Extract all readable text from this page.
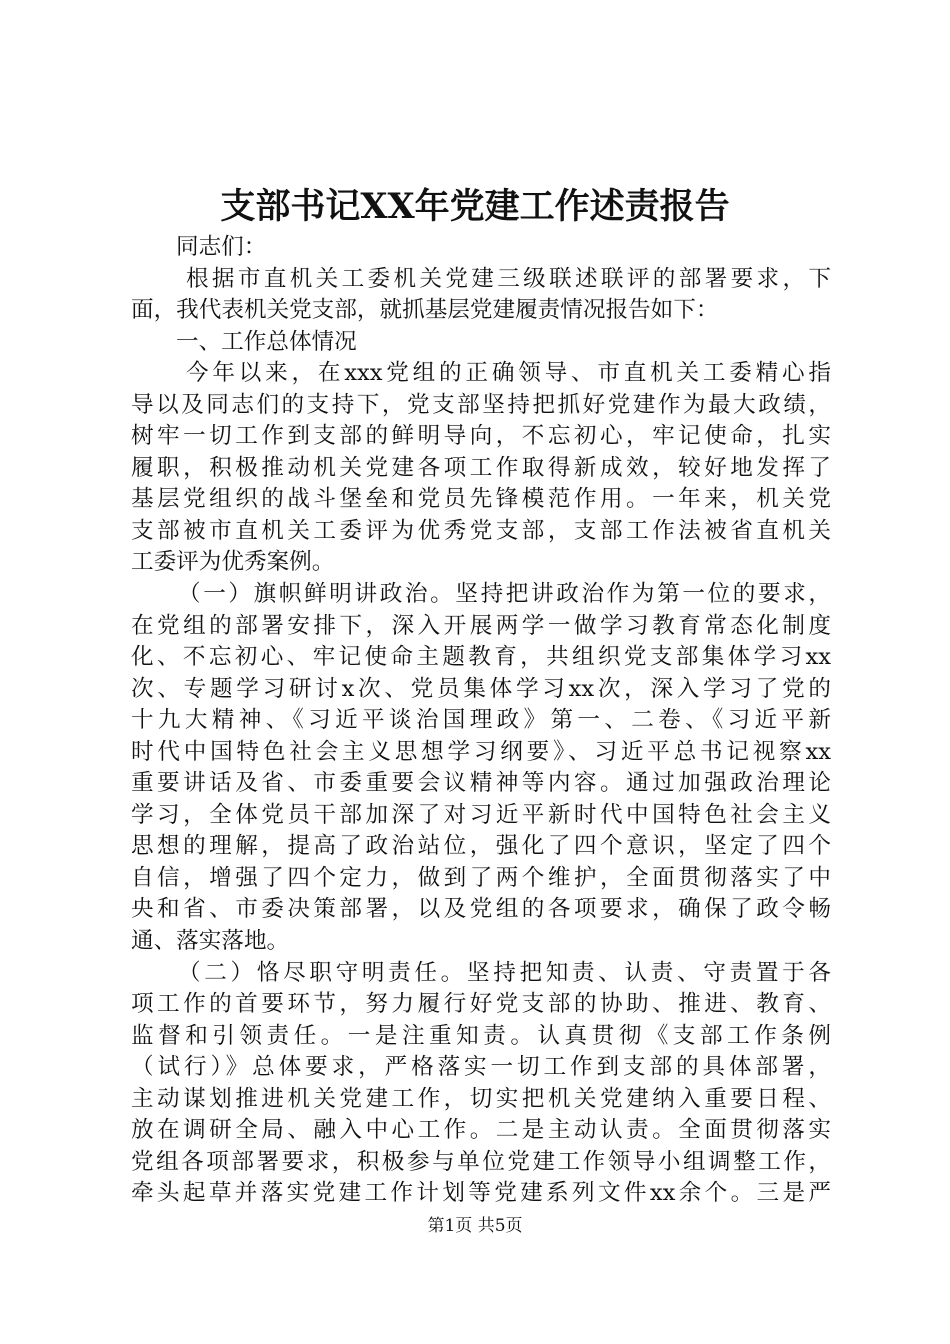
支部书记XX年党建工作述责报告
同志们：
根据市直机关工委机关党建三级联述联评的部署要求，下
面，我代表机关党支部，就抓基层党建履责情况报告如下：
一、工作总体情况
今年以来，在xxx党组的正确领导、市直机关工委精心指
导以及同志们的支持下，党支部坚持把抓好党建作为最大政绩，
树牢一切工作到支部的鲜明导向，不忘初心，牢记使命，扎实
履职，积极推动机关党建各项工作取得新成效，较好地发挥了
基层党组织的战斗堡垒和党员先锋模范作用。一年来，机关党
支部被市直机关工委评为优秀党支部，支部工作法被省直机关
工委评为优秀案例。
（一）旗帜鲜明讲政治。坚持把讲政治作为第一位的要求，
在党组的部署安排下，深入开展两学一做学习教育常态化制度
化、不忘初心、牢记使命主题教育，共组织党支部集体学习xx
次、专题学习研讨x次、党员集体学习xx次，深入学习了党的
十九大精神、《习近平谈治国理政》第一、二卷、《习近平新
时代中国特色社会主义思想学习纲要》、习近平总书记视察xx
重要讲话及省、市委重要会议精神等内容。通过加强政治理论
学习，全体党员干部加深了对习近平新时代中国特色社会主义
思想的理解，提高了政治站位，强化了四个意识，坚定了四个
自信，增强了四个定力，做到了两个维护，全面贯彻落实了中
央和省、市委决策部署，以及党组的各项要求，确保了政令畅
通、落实落地。
（二）恪尽职守明责任。坚持把知责、认责、守责置于各
项工作的首要环节，努力履行好党支部的协助、推进、教育、
监督和引领责任。一是注重知责。认真贯彻《支部工作条例
（试行）》总体要求，严格落实一切工作到支部的具体部署，
主动谋划推进机关党建工作，切实把机关党建纳入重要日程、
放在调研全局、融入中心工作。二是主动认责。全面贯彻落实
党组各项部署要求，积极参与单位党建工作领导小组调整工作，
牵头起草并落实党建工作计划等党建系列文件xx余个。三是严
第1页 共5页
